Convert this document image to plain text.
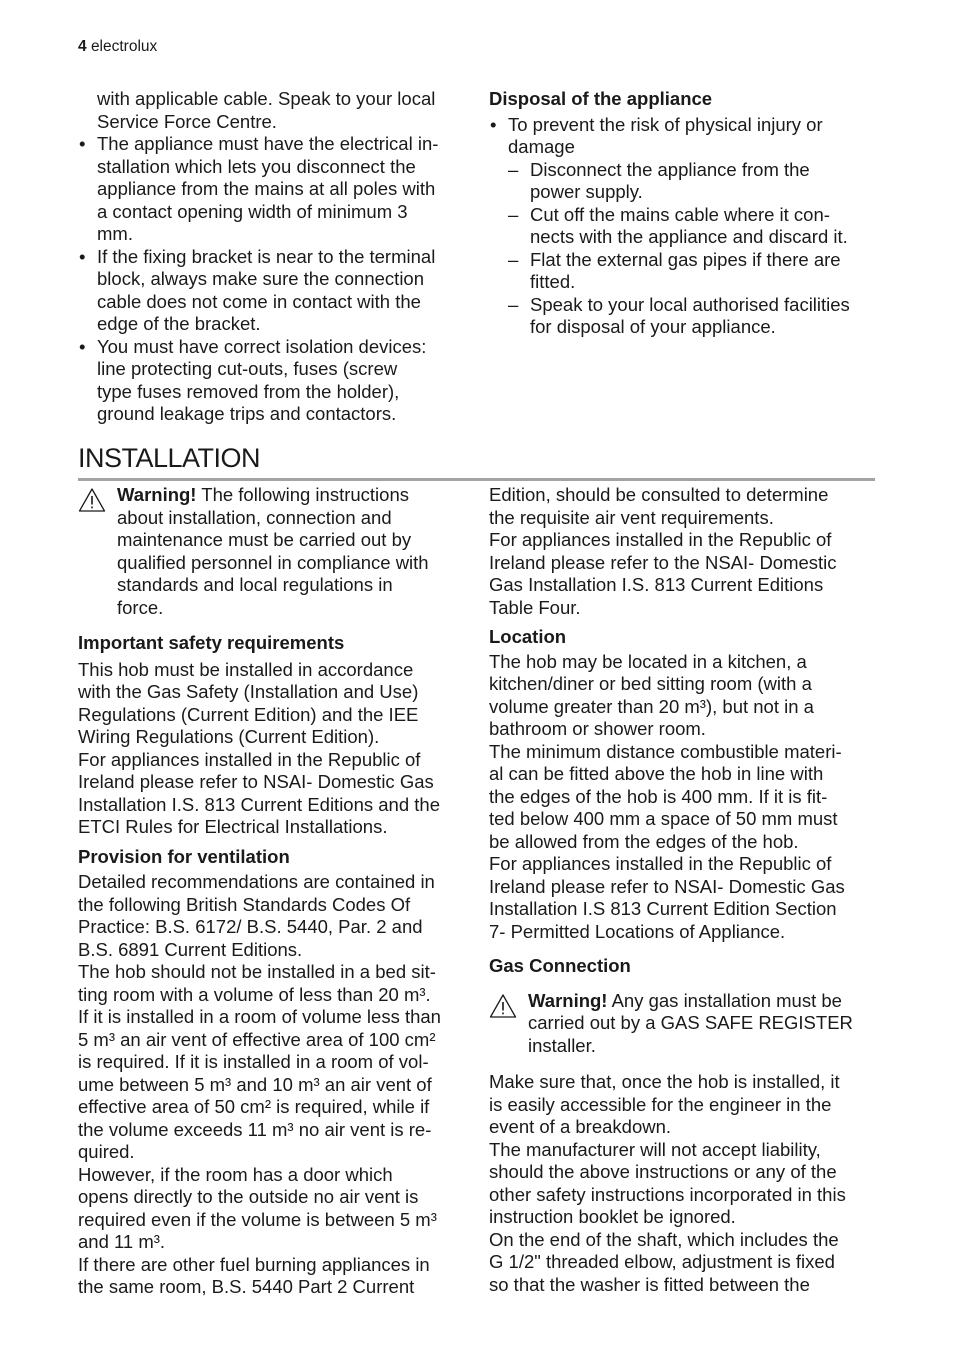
4 electrolux

with applicable cable. Speak to your local

Service Force Centre.

• The appliance must have the electrical in-

stallation which lets you disconnect the

appliance from the mains at all poles with

a contact opening width of minimum 3

mm.

• If the fixing bracket is near to the terminal

block, always make sure the connection

cable does not come in contact with the

edge of the bracket.

• You must have correct isolation devices:

line protecting cut-outs, fuses (screw

type fuses removed from the holder),

ground leakage trips and contactors.

Disposal of the appliance

• To prevent the risk of physical injury or

damage

– Disconnect the appliance from the

power supply.

– Cut off the mains cable where it con-

nects with the appliance and discard it.

– Flat the external gas pipes if there are

fitted.

– Speak to your local authorised facilities

for disposal of your appliance.

INSTALLATION

Warning! The following instructions

about installation, connection and

maintenance must be carried out by

qualified personnel in compliance with

standards and local regulations in

force.

Important safety requirements

This hob must be installed in accordance

with the Gas Safety (Installation and Use)

Regulations (Current Edition) and the IEE

Wiring Regulations (Current Edition).

For appliances installed in the Republic of

Ireland please refer to NSAI- Domestic Gas

Installation I.S. 813 Current Editions and the

ETCI Rules for Electrical Installations.

Provision for ventilation

Detailed recommendations are contained in

the following British Standards Codes Of

Practice: B.S. 6172/ B.S. 5440, Par. 2 and

B.S. 6891 Current Editions.

The hob should not be installed in a bed sit-

ting room with a volume of less than 20 m³.

If it is installed in a room of volume less than

5 m³ an air vent of effective area of 100 cm²

is required. If it is installed in a room of vol-

ume between 5 m³ and 10 m³ an air vent of

effective area of 50 cm² is required, while if

the volume exceeds 11 m³ no air vent is re-

quired.

However, if the room has a door which

opens directly to the outside no air vent is

required even if the volume is between 5 m³

and 11 m³.

If there are other fuel burning appliances in

the same room, B.S. 5440 Part 2 Current

Edition, should be consulted to determine

the requisite air vent requirements.

For appliances installed in the Republic of

Ireland please refer to the NSAI- Domestic

Gas Installation I.S. 813 Current Editions

Table Four.

Location

The hob may be located in a kitchen, a

kitchen/diner or bed sitting room (with a

volume greater than 20 m³), but not in a

bathroom or shower room.

The minimum distance combustible materi-

al can be fitted above the hob in line with

the edges of the hob is 400 mm. If it is fit-

ted below 400 mm a space of 50 mm must

be allowed from the edges of the hob.

For appliances installed in the Republic of

Ireland please refer to NSAI- Domestic Gas

Installation I.S 813 Current Edition Section

7- Permitted Locations of Appliance.

Gas Connection

Warning! Any gas installation must be

carried out by a GAS SAFE REGISTER

installer.

Make sure that, once the hob is installed, it

is easily accessible for the engineer in the

event of a breakdown.

The manufacturer will not accept liability,

should the above instructions or any of the

other safety instructions incorporated in this

instruction booklet be ignored.

On the end of the shaft, which includes the

G 1/2" threaded elbow, adjustment is fixed

so that the washer is fitted between the
